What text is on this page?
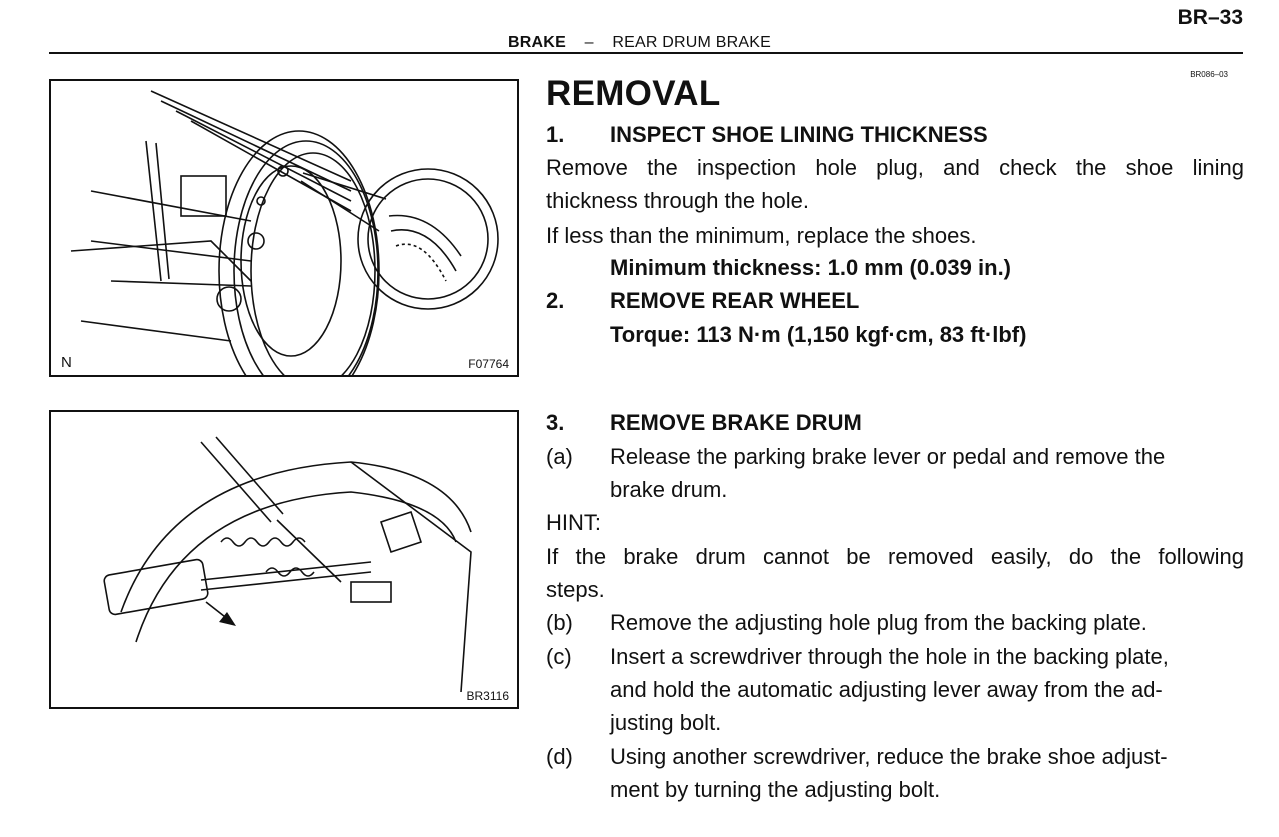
BR–33
BRAKE – REAR DRUM BRAKE
BR086–03
N	F07764
BR3116
REMOVAL
1. INSPECT SHOE LINING THICKNESS
Remove the inspection hole plug, and check the shoe lining
thickness through the hole.
If less than the minimum, replace the shoes.
Minimum thickness: 1.0 mm (0.039 in.)
2. REMOVE REAR WHEEL
Torque: 113 N·m (1,150 kgf·cm, 83 ft·lbf)
3. REMOVE BRAKE DRUM
(a) Release the parking brake lever or pedal and remove the
brake drum.
HINT:
If the brake drum cannot be removed easily, do the following
steps.
(b) Remove the adjusting hole plug from the backing plate.
(c) Insert a screwdriver through the hole in the backing plate,
and hold the automatic adjusting lever away from the ad-
justing bolt.
(d) Using another screwdriver, reduce the brake shoe adjust-
ment by turning the adjusting bolt.
